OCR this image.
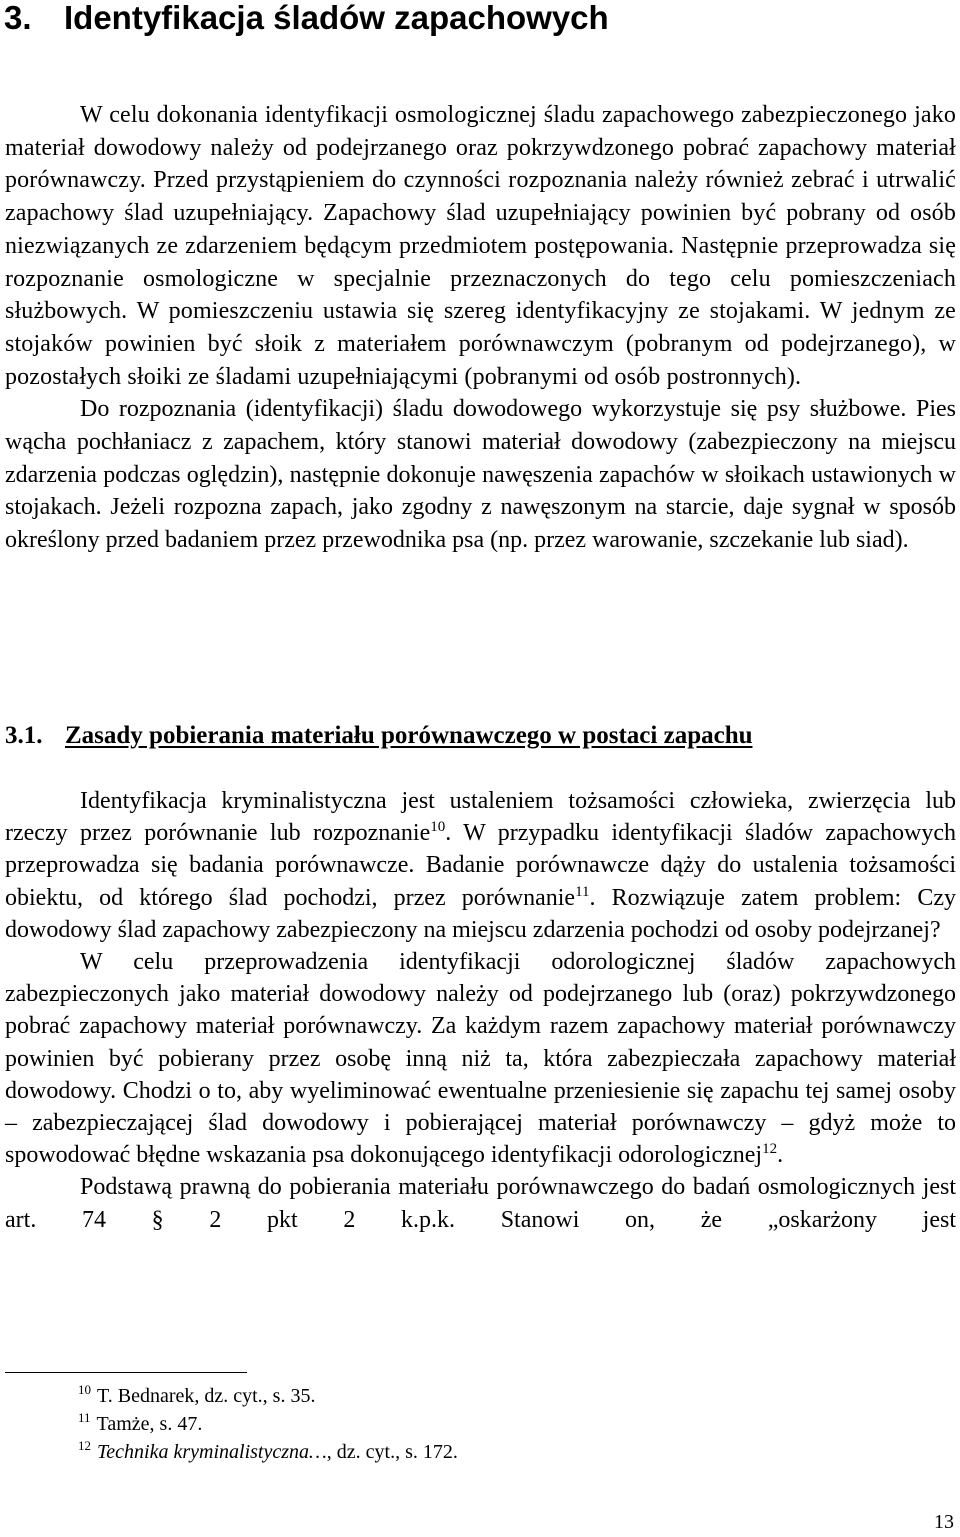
3. Identyfikacja śladów zapachowych

W celu dokonania identyfikacji osmologicznej śladu zapachowego zabezpieczonego jako materiał dowodowy należy od podejrzanego oraz pokrzywdzonego pobrać zapachowy materiał porównawczy. Przed przystąpieniem do czynności rozpoznania należy również zebrać i utrwalić zapachowy ślad uzupełniający. Zapachowy ślad uzupełniający powinien być pobrany od osób niezwiązanych ze zdarzeniem będącym przedmiotem postępowania. Następnie przeprowadza się rozpoznanie osmologiczne w specjalnie przeznaczonych do tego celu pomieszczeniach służbowych. W pomieszczeniu ustawia się szereg identyfikacyjny ze stojakami. W jednym ze stojaków powinien być słoik z materiałem porównawczym (pobranym od podejrzanego), w pozostałych słoiki ze śladami uzupełniającymi (pobranymi od osób postronnych).

Do rozpoznania (identyfikacji) śladu dowodowego wykorzystuje się psy służbowe. Pies wącha pochłaniacz z zapachem, który stanowi materiał dowodowy (zabezpieczony na miejscu zdarzenia podczas oględzin), następnie dokonuje nawęszenia zapachów w słoikach ustawionych w stojakach. Jeżeli rozpozna zapach, jako zgodny z nawęszonym na starcie, daje sygnał w sposób określony przed badaniem przez przewodnika psa (np. przez warowanie, szczekanie lub siad).

3.1. Zasady pobierania materiału porównawczego w postaci zapachu

Identyfikacja kryminalistyczna jest ustaleniem tożsamości człowieka, zwierzęcia lub rzeczy przez porównanie lub rozpoznanie$^{10}$. W przypadku identyfikacji śladów zapachowych przeprowadza się badania porównawcze. Badanie porównawcze dąży do ustalenia tożsamości obiektu, od którego ślad pochodzi, przez porównanie$^{11}$. Rozwiązuje zatem problem: Czy dowodowy ślad zapachowy zabezpieczony na miejscu zdarzenia pochodzi od osoby podejrzanej?

W celu przeprowadzenia identyfikacji odorologicznej śladów zapachowych zabezpieczonych jako materiał dowodowy należy od podejrzanego lub (oraz) pokrzywdzonego pobrać zapachowy materiał porównawczy. Za każdym razem zapachowy materiał porównawczy powinien być pobierany przez osobę inną niż ta, która zabezpieczała zapachowy materiał dowodowy. Chodzi o to, aby wyeliminować ewentualne przeniesienie się zapachu tej samej osoby – zabezpieczającej ślad dowodowy i pobierającej materiał porównawczy – gdyż może to spowodować błędne wskazania psa dokonującego identyfikacji odorologicznej$^{12}$.

Podstawą prawną do pobierania materiału porównawczego do badań osmologicznych jest art. 74 § 2 pkt 2 k.p.k. Stanowi on, że „oskarżony jest

$^{10}$ T. Bednarek, dz. cyt., s. 35.

$^{11}$ Tamże, s. 47.

$^{12}$ Technika kryminalistyczna…, dz. cyt., s. 172.

13
